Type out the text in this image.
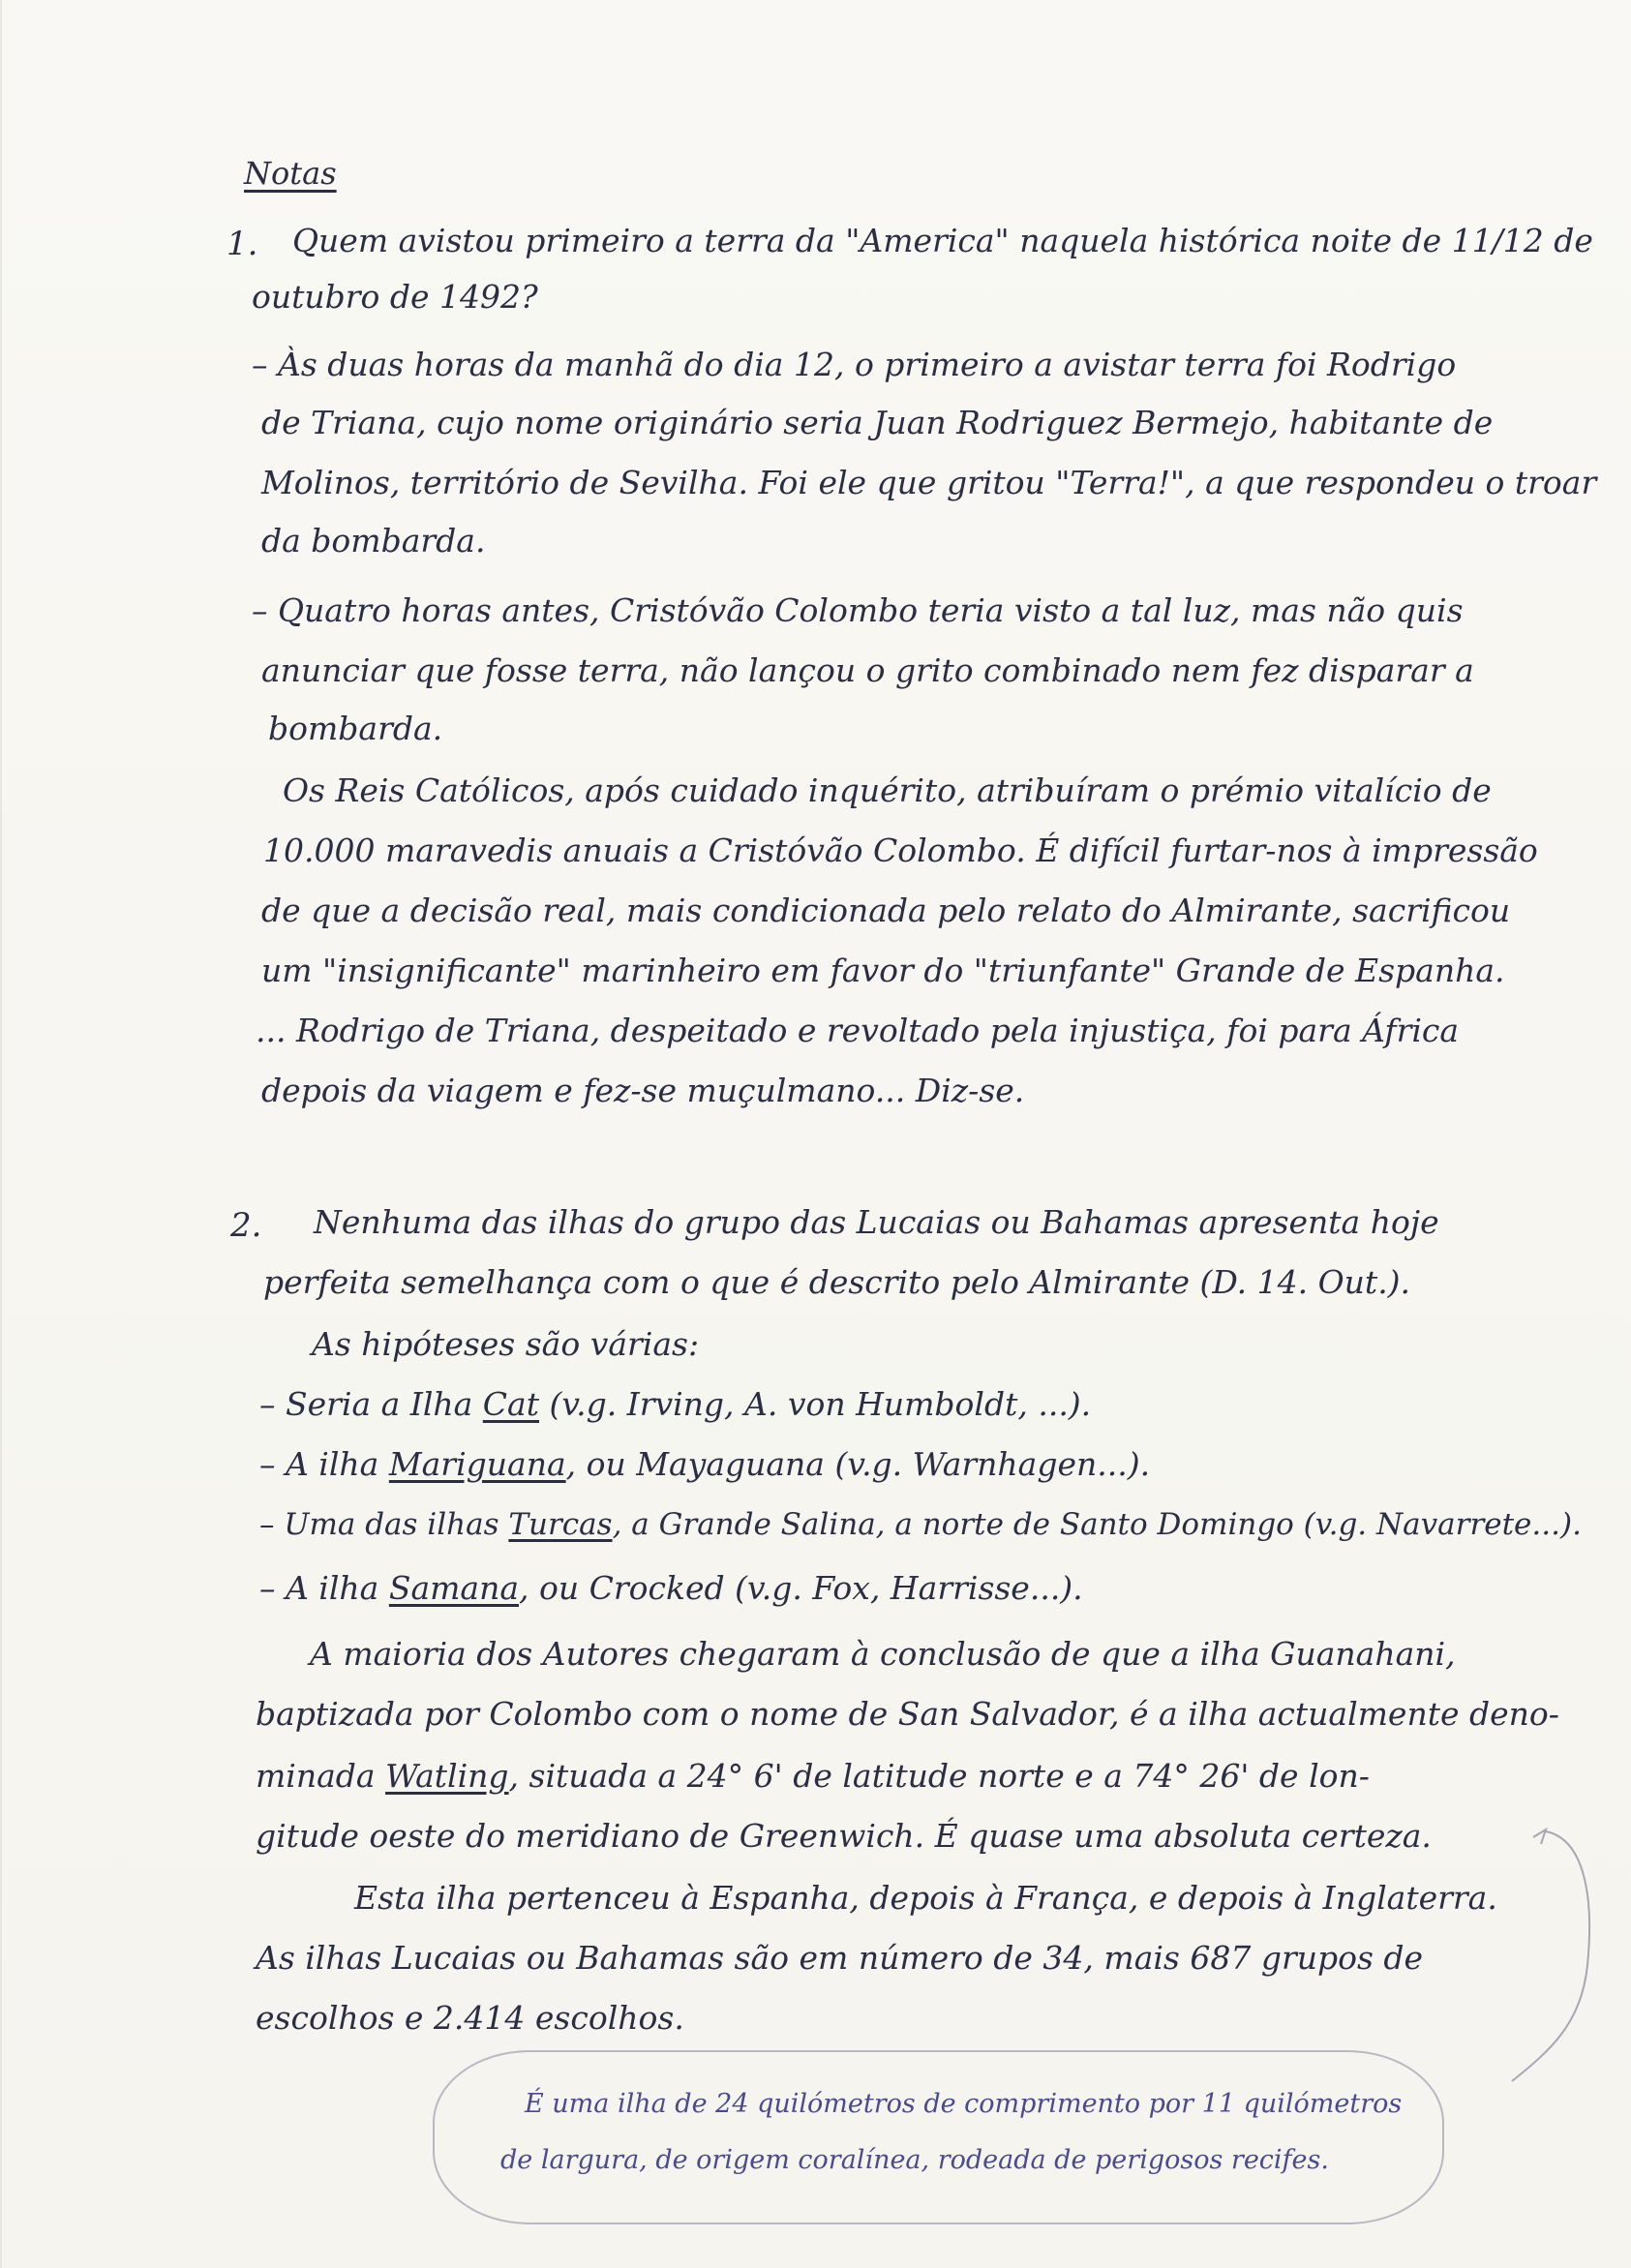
Notas
1. Quem avistou primeiro a terra da "America" naquela histórica noite de 11/12 de
outubro de 1492?
– Às duas horas da manhã do dia 12, o primeiro a avistar terra foi Rodrigo
de Triana, cujo nome originário seria Juan Rodriguez Bermejo, habitante de
Molinos, território de Sevilha. Foi ele que gritou "Terra!", a que respondeu o troar
da bombarda.
– Quatro horas antes, Cristóvão Colombo teria visto a tal luz, mas não quis
anunciar que fosse terra, não lançou o grito combinado nem fez disparar a
bombarda.
Os Reis Católicos, após cuidado inquérito, atribuíram o prémio vitalício de
10.000 maravedis anuais a Cristóvão Colombo. É difícil furtar-nos à impressão
de que a decisão real, mais condicionada pelo relato do Almirante, sacrificou
um "insignificante" marinheiro em favor do "triunfante" Grande de Espanha.
... Rodrigo de Triana, despeitado e revoltado pela injustiça, foi para África
depois da viagem e fez-se muçulmano... Diz-se.
2. Nenhuma das ilhas do grupo das Lucaias ou Bahamas apresenta hoje
perfeita semelhança com o que é descrito pelo Almirante (D. 14. Out.).
As hipóteses são várias:
– Seria a Ilha Cat (v.g. Irving, A. von Humboldt, ...).
– A ilha Mariguana, ou Mayaguana (v.g. Warnhagen...).
– Uma das ilhas Turcas, a Grande Salina, a norte de Santo Domingo (v.g. Navarrete...).
– A ilha Samana, ou Crocked (v.g. Fox, Harrisse...).
A maioria dos Autores chegaram à conclusão de que a ilha Guanahani,
baptizada por Colombo com o nome de San Salvador, é a ilha actualmente deno-
minada Watling, situada a 24° 6' de latitude norte e a 74° 26' de lon-
gitude oeste do meridiano de Greenwich. É quase uma absoluta certeza.
Esta ilha pertenceu à Espanha, depois à França, e depois à Inglaterra.
As ilhas Lucaias ou Bahamas são em número de 34, mais 687 grupos de
escolhos e 2.414 escolhos.
É uma ilha de 24 quilómetros de comprimento por 11 quilómetros
de largura, de origem coralínea, rodeada de perigosos recifes.
